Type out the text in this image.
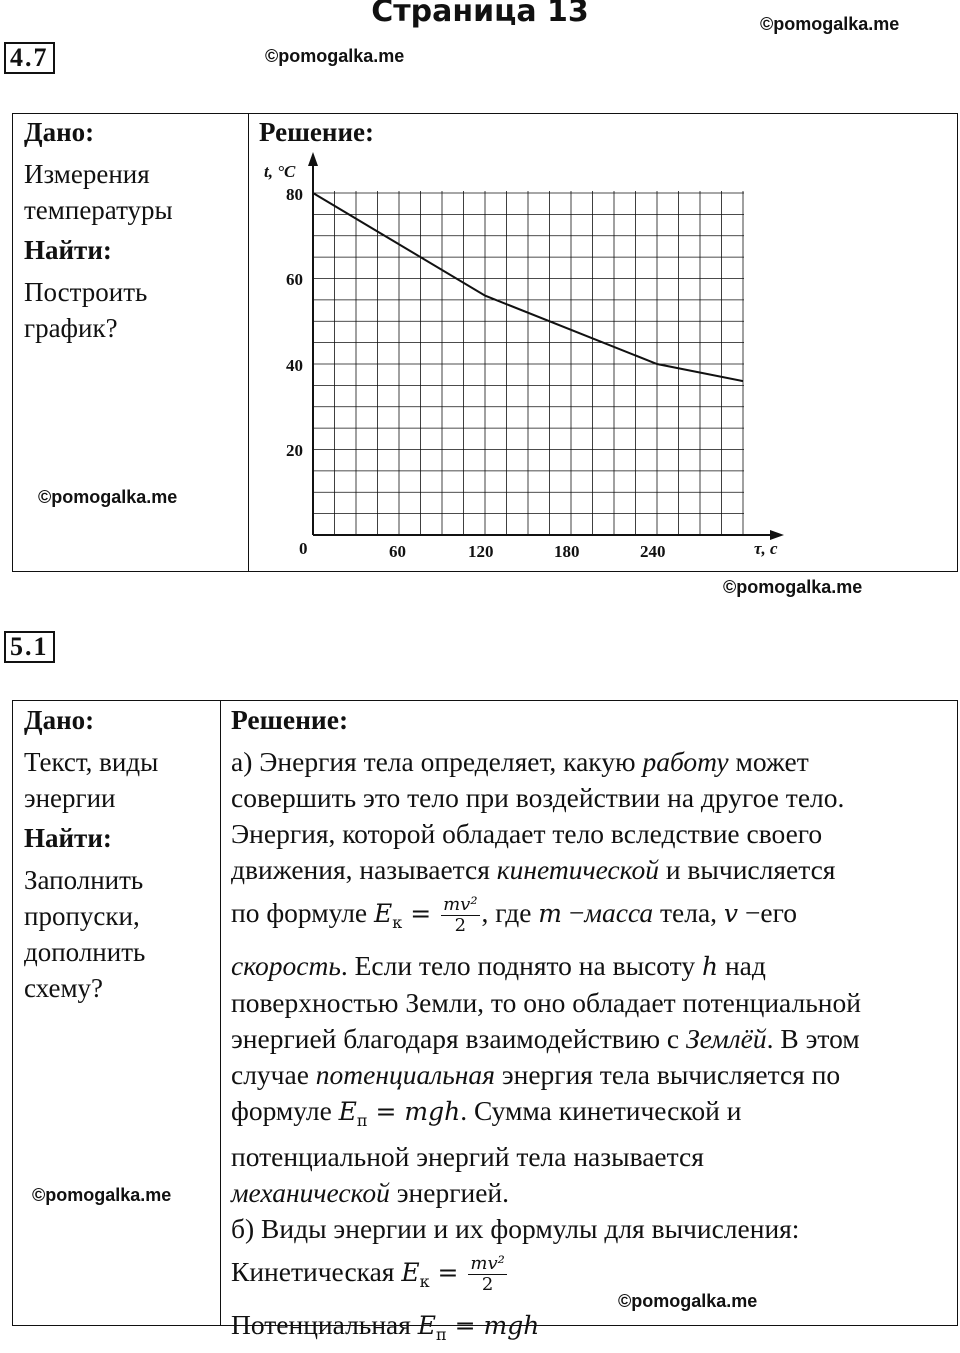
Страница 13	©pomogalka.me
4.7	©pomogalka.me
Дано:
Измерения
температуры
Найти:
Построить
график?
©pomogalka.me
Решение:
t, °C
τ, с
0	60	120	180	240
20
40
60
80
©pomogalka.me
5.1
Дано:
Текст, виды
энергии
Найти:
Заполнить
пропуски,
дополнить
схему?
©pomogalka.me

Решение:

а) Энергия тела определяет, какую работу может

совершить это тело при воздействии на другое тело.

Энергия, которой обладает тело вследствие своего

движения, называется кинетической и вычисляется

по формуле $E_к = \frac{\text{mv²}}{2}$ , где m −масса тела, v −его

скорость. Если тело поднято на высоту h над

поверхностью Земли, то оно обладает потенциальной

энергией благодаря взаимодействию с Землёй. В этом

случае потенциальная энергия тела вычисляется по

формуле $E_п$ = mgh. Сумма кинетической и

потенциальной энергий тела называется

механической энергией.

б) Виды энергии и их формулы для вычисления:

Кинетическая $E_к = \frac{\text{mv²}}{2}$

Потенциальная $E_п$ = mgh

©pomogalka.me
